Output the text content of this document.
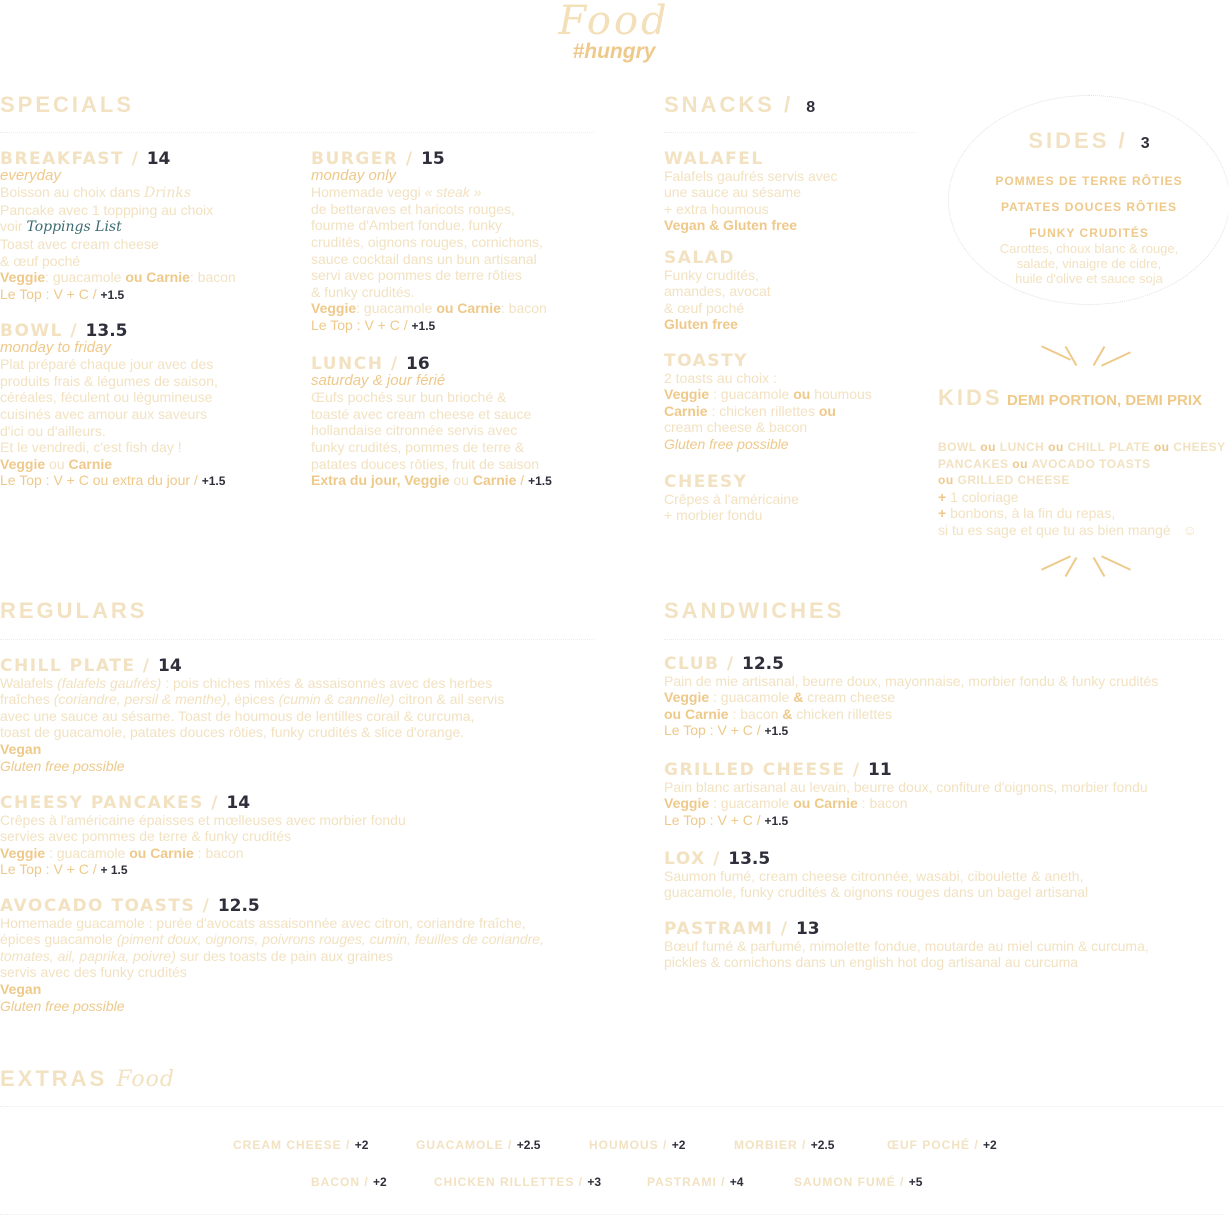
Food
#hungry
SPECIALS
BREAKFAST / 14
everyday
Boisson au choix dans Drinks
Pancake avec 1 toppping au choix
voir Toppings List
Toast avec cream cheese
& œuf poché
Veggie: guacamole ou Carnie: bacon
Le Top : V + C / +1.5
BURGER / 15
monday only
Homemade veggi « steak »
de betteraves et haricots rouges,
fourme d'Ambert fondue, funky
crudités, oignons rouges, cornichons,
sauce cocktail dans un bun artisanal
servi avec pommes de terre rôties
& funky crudités.
Veggie: guacamole ou Carnie: bacon
Le Top : V + C / +1.5
BOWL / 13.5
monday to friday
Plat préparé chaque jour avec des
produits frais & légumes de saison,
céréales, féculent ou légumineuse
cuisinés avec amour aux saveurs
d'ici ou d'ailleurs.
Et le vendredi, c'est fish day !
Veggie ou Carnie
Le Top : V + C ou extra du jour / +1.5
LUNCH / 16
saturday & jour férié
Œufs pochés sur bun brioché &
toasté avec cream cheese et sauce
hollandaise citronnée servis avec
funky crudités, pommes de terre &
patates douces rôties, fruit de saison
Extra du jour, Veggie ou Carnie / +1.5
SNACKS / 8
WALAFEL
Falafels gaufrés servis avec
une sauce au sésame
+ extra houmous
Vegan & Gluten free
SALAD
Funky crudités,
amandes, avocat
& œuf poché
Gluten free
TOASTY
2 toasts au choix :
Veggie : guacamole ou houmous
Carnie : chicken rillettes ou
cream cheese & bacon
Gluten free possible
CHEESY
Crêpes à l'américaine
+ morbier fondu
SIDES / 3
POMMES DE TERRE RÔTIES
PATATES DOUCES RÔTIES
FUNKY CRUDITÉS
Carottes, choux blanc & rouge,
salade, vinaigre de cidre,
huile d'olive et sauce soja
KIDS DEMI PORTION, DEMI PRIX
BOWL ou LUNCH ou CHILL PLATE ou CHEESY
PANCAKES ou AVOCADO TOASTS
ou GRILLED CHEESE
+ 1 coloriage
+ bonbons, à la fin du repas,
si tu es sage et que tu as bien mangé ☺
REGULARS
CHILL PLATE / 14
Walafels (falafels gaufrés) : pois chiches mixés & assaisonnés avec des herbes
fraîches (coriandre, persil & menthe), épices (cumin & cannelle) citron & ail servis
avec une sauce au sésame. Toast de houmous de lentilles corail & curcuma,
toast de guacamole, patates douces rôties, funky crudités & slice d'orange.
Vegan
Gluten free possible
CHEESY PANCAKES / 14
Crêpes à l'américaine épaisses et mœlleuses avec morbier fondu
servies avec pommes de terre & funky crudités
Veggie : guacamole ou Carnie : bacon
Le Top : V + C / + 1.5
AVOCADO TOASTS / 12.5
Homemade guacamole : purée d'avocats assaisonnée avec citron, coriandre fraîche,
épices guacamole (piment doux, oignons, poivrons rouges, cumin, feuilles de coriandre,
tomates, ail, paprika, poivre) sur des toasts de pain aux graines
servis avec des funky crudités
Vegan
Gluten free possible
SANDWICHES
CLUB / 12.5
Pain de mie artisanal, beurre doux, mayonnaise, morbier fondu & funky crudités
Veggie : guacamole & cream cheese
ou Carnie : bacon & chicken rillettes
Le Top : V + C / +1.5
GRILLED CHEESE / 11
Pain blanc artisanal au levain, beurre doux, confiture d'oignons, morbier fondu
Veggie : guacamole ou Carnie : bacon
Le Top : V + C / +1.5
LOX / 13.5
Saumon fumé, cream cheese citronnée, wasabi, ciboulette & aneth,
guacamole, funky crudités & oignons rouges dans un bagel artisanal
PASTRAMI / 13
Bœuf fumé & parfumé, mimolette fondue, moutarde au miel cumin & curcuma,
pickles & cornichons dans un english hot dog artisanal au curcuma
EXTRAS Food
CREAM CHEESE / +2	GUACAMOLE / +2.5	HOUMOUS / +2	MORBIER / +2.5	ŒUF POCHÉ / +2
BACON / +2	CHICKEN RILLETTES / +3	PASTRAMI / +4	SAUMON FUMÉ / +5
